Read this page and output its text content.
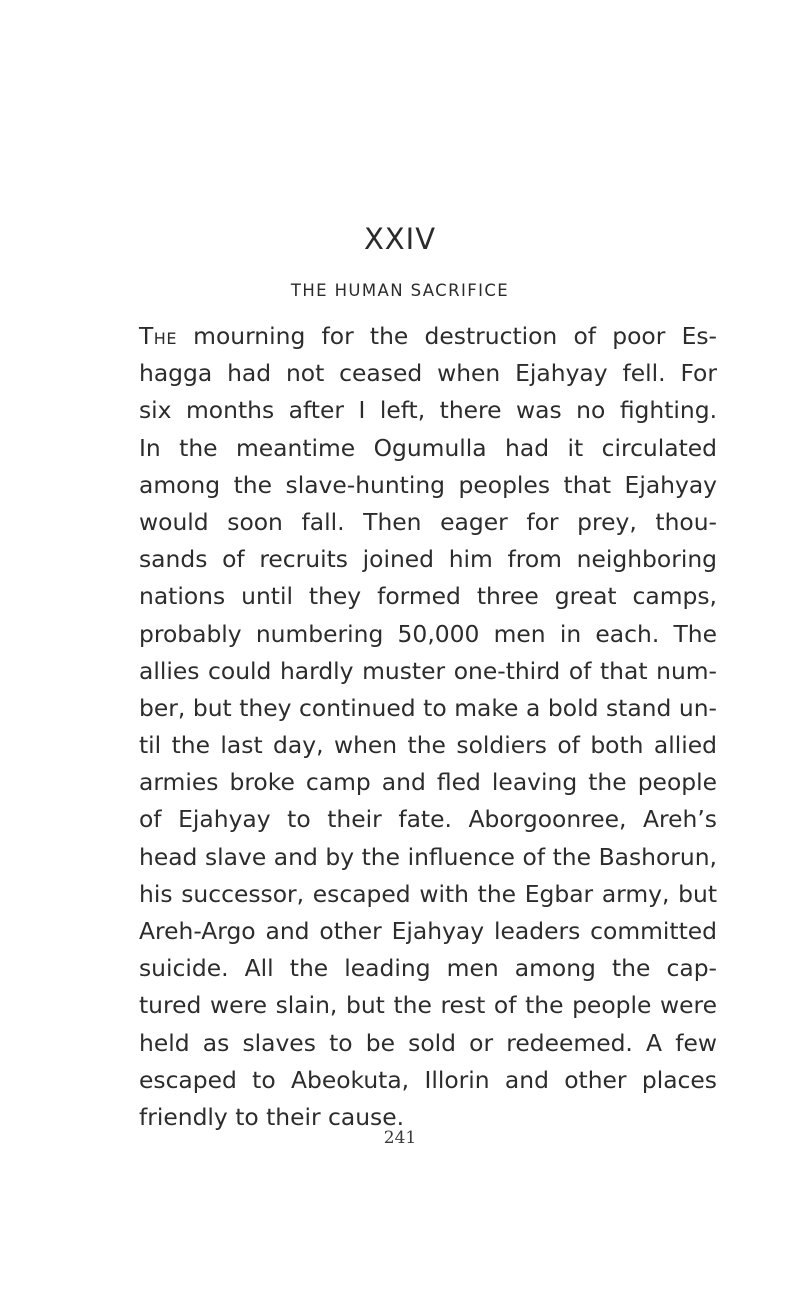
XXIV
THE HUMAN SACRIFICE
The mourning for the destruction of poor Es-
hagga had not ceased when Ejahyay fell. For
six months after I left, there was no fighting.
In the meantime Ogumulla had it circulated
among the slave-hunting peoples that Ejahyay
would soon fall. Then eager for prey, thou-
sands of recruits joined him from neighboring
nations until they formed three great camps,
probably numbering 50,000 men in each. The
allies could hardly muster one-third of that num-
ber, but they continued to make a bold stand un-
til the last day, when the soldiers of both allied
armies broke camp and fled leaving the people
of Ejahyay to their fate. Aborgoonree, Areh’s
head slave and by the influence of the Bashorun,
his successor, escaped with the Egbar army, but
Areh-Argo and other Ejahyay leaders committed
suicide. All the leading men among the cap-
tured were slain, but the rest of the people were
held as slaves to be sold or redeemed. A few
escaped to Abeokuta, Illorin and other places
friendly to their cause.
241
